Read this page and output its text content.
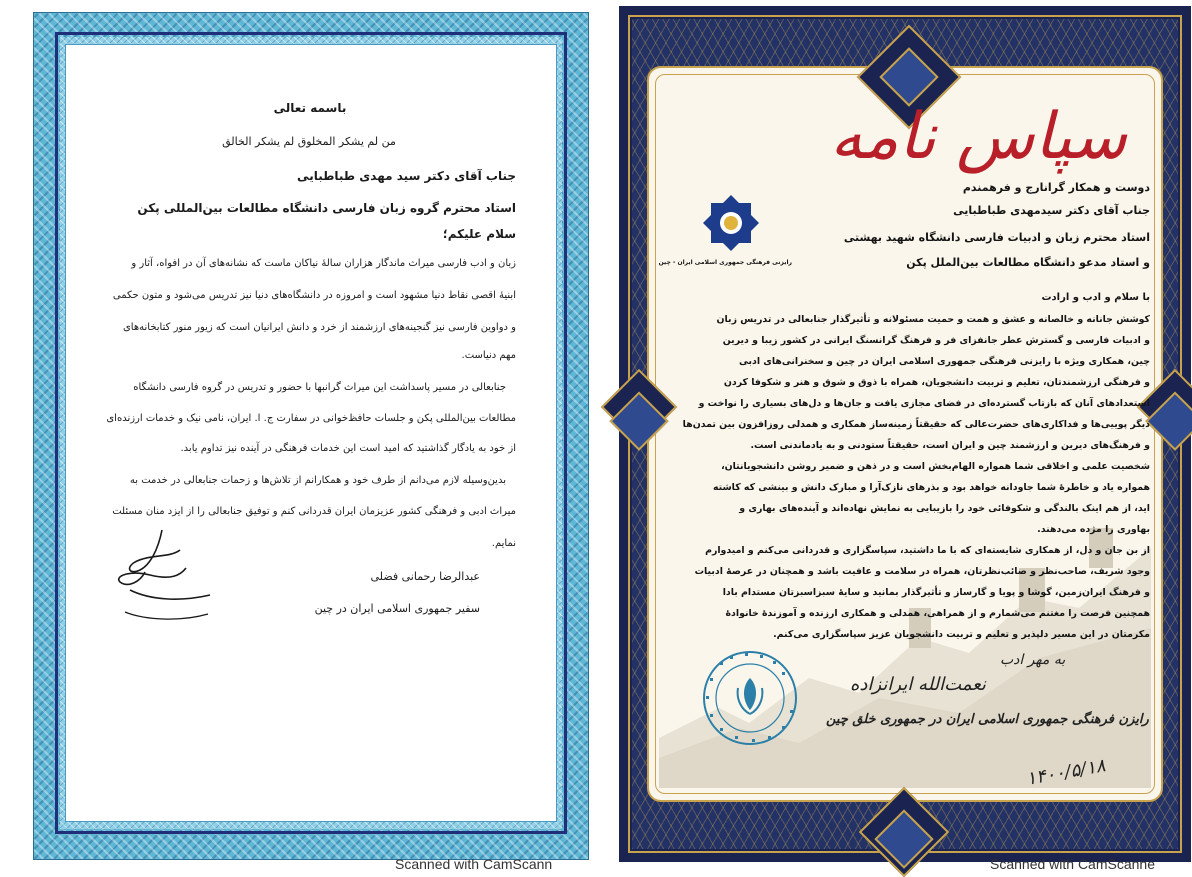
باسمه تعالی
من لم یشکر المخلوق لم یشکر الخالق
جناب آقای دکتر سید مهدی طباطبایی
استاد محترم گروه زبان فارسی دانشگاه مطالعات بین‌المللی پکن
سلام علیکم؛
زبان و ادب فارسی میراث ماندگار هزاران سالهٔ نیاکان ماست که نشانه‌های آن در افواه، آثار و
ابنیهٔ اقصی نقاط دنیا مشهود است و امروزه در دانشگاه‌های دنیا نیز تدریس می‌شود و متون حکمی
و دواوین فارسی نیز گنجینه‌های ارزشمند از خرد و دانش ایرانیان است که زیور منور کتابخانه‌های
مهم دنیاست.
جنابعالی در مسیر پاسداشت این میراث گرانبها با حضور و تدریس در گروه فارسی دانشگاه
مطالعات بین‌المللی پکن و جلسات حافظ‌خوانی در سفارت ج. ا. ایران، نامی نیک و خدمات ارزنده‌ای
از خود به یادگار گذاشتید که امید است این خدمات فرهنگی در آینده نیز تداوم یابد.
بدین‌وسیله لازم می‌دانم از طرف خود و همکارانم از تلاش‌ها و زحمات جنابعالی در خدمت به
میراث ادبی و فرهنگی کشور عزیزمان ایران قدردانی کنم و توفیق جنابعالی را از ایزد منان مسئلت
نمایم.
عبدالرضا رحمانی فضلی
سفیر جمهوری اسلامی ایران در چین
Scanned with CamScann
سپاس نامه
رایزنی فرهنگی جمهوری اسلامی ایران - چین
دوست و همکار گرانارج و فرهمندم
جناب آقای دکتر سیدمهدی طباطبایی
استاد محترم زبان و ادبیات فارسی دانشگاه شهید بهشتی
و استاد مدعو دانشگاه مطالعات بین‌الملل پکن
با سلام و ادب و ارادت
کوشش جانانه و خالصانه و عشق و همت و حمیت مسئولانه و تأثیرگذار جنابعالی در تدریس زبان
و ادبیات فارسی و گسترش عطر جانفزای فر و فرهنگ گرانسنگ ایرانی در کشور زیبا و دیرین
چین، همکاری ویژه با رایزنی فرهنگی جمهوری اسلامی ایران در چین و سخنرانی‌های ادبی
و فرهنگی ارزشمندتان، تعلیم و تربیت دانشجویان، همراه با ذوق و شوق و هنر و شکوفا کردن
استعدادهای آنان که بازتاب گسترده‌ای در فضای مجازی یافت و جان‌ها و دل‌های بسیاری را نواخت و
دیگر پوییی‌ها و فداکاری‌های حضرت‌عالی که حقیقتاً زمینه‌ساز همکاری و همدلی روزافزون بین تمدن‌ها
و فرهنگ‌های دیرین و ارزشمند چین و ایران است، حقیقتاً ستودنی و به یادماندنی است.
شخصیت علمی و اخلاقی شما همواره الهام‌بخش است و در ذهن و ضمیر روشن دانشجویانتان،
همواره یاد و خاطرهٔ شما جاودانه خواهد بود و بذرهای نازک‌آرا و مبارک دانش و بینشی که کاشته
اید، از هم اینک بالندگی و شکوفائی خود را بازیبایی به نمایش نهاده‌اند و آینده‌های بهاری و
بهاوری را مژده می‌دهند.
از بن جان و دل، از همکاری شایسته‌ای که با ما داشتید، سپاسگزاری و قدردانی می‌کنم و امیدوارم
وجود شریف، صاحب‌نظر و صائب‌نظرتان، همراه در سلامت و عافیت باشد و همچنان در عرصهٔ ادبیات
و فرهنگ ایران‌زمین، گوشا و پویا و گارساز و تأثیرگذار بمانید و سایهٔ سبزاسبزتان مستدام بادا
همچنین فرصت را مغتنم می‌شمارم و از همراهی، همدلی و همکاری ارزنده و آموزندهٔ خانوادهٔ
مکرمتان در این مسیر دلپذیر و تعلیم و تربیت دانشجویان عزیز سپاسگزاری می‌کنم.
به مهر ادب
نعمت‌الله ایرانزاده
رایزن فرهنگی جمهوری اسلامی ایران در جمهوری خلق چین
۱۴۰۰/۵/۱۸
Scanned with CamScanne
